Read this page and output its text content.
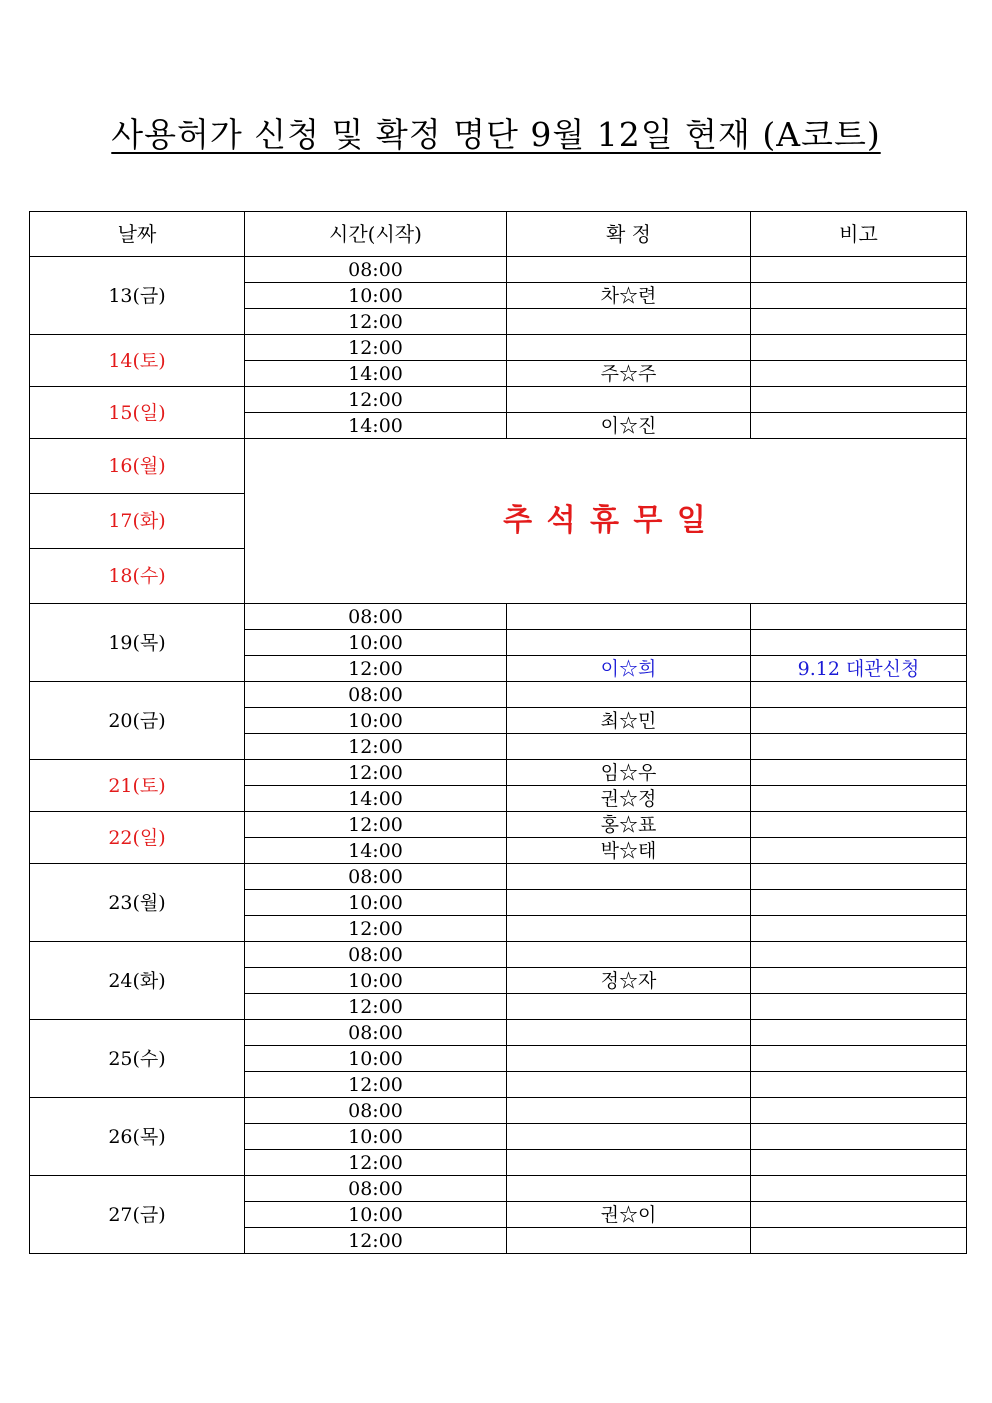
사용허가 신청 및 확정 명단 9월 12일 현재 (A코트)
날짜	시간(시작)	확 정	비고
13(금)	08:00		
	10:00	차☆련	
	12:00		
14(토)	12:00		
	14:00	주☆주	
15(일)	12:00		
	14:00	이☆진	
16(월)	추 석 휴 무 일		
17(화)			
18(수)			
19(목)	08:00		
	10:00		
	12:00	이☆희	9.12 대관신청
20(금)	08:00		
	10:00	최☆민	
	12:00		
21(토)	12:00	임☆우	
	14:00	권☆정	
22(일)	12:00	홍☆표	
	14:00	박☆태	
23(월)	08:00		
	10:00		
	12:00		
24(화)	08:00		
	10:00	정☆자	
	12:00		
25(수)	08:00		
	10:00		
	12:00		
26(목)	08:00		
	10:00		
	12:00		
27(금)	08:00		
	10:00	권☆이	
	12:00		
